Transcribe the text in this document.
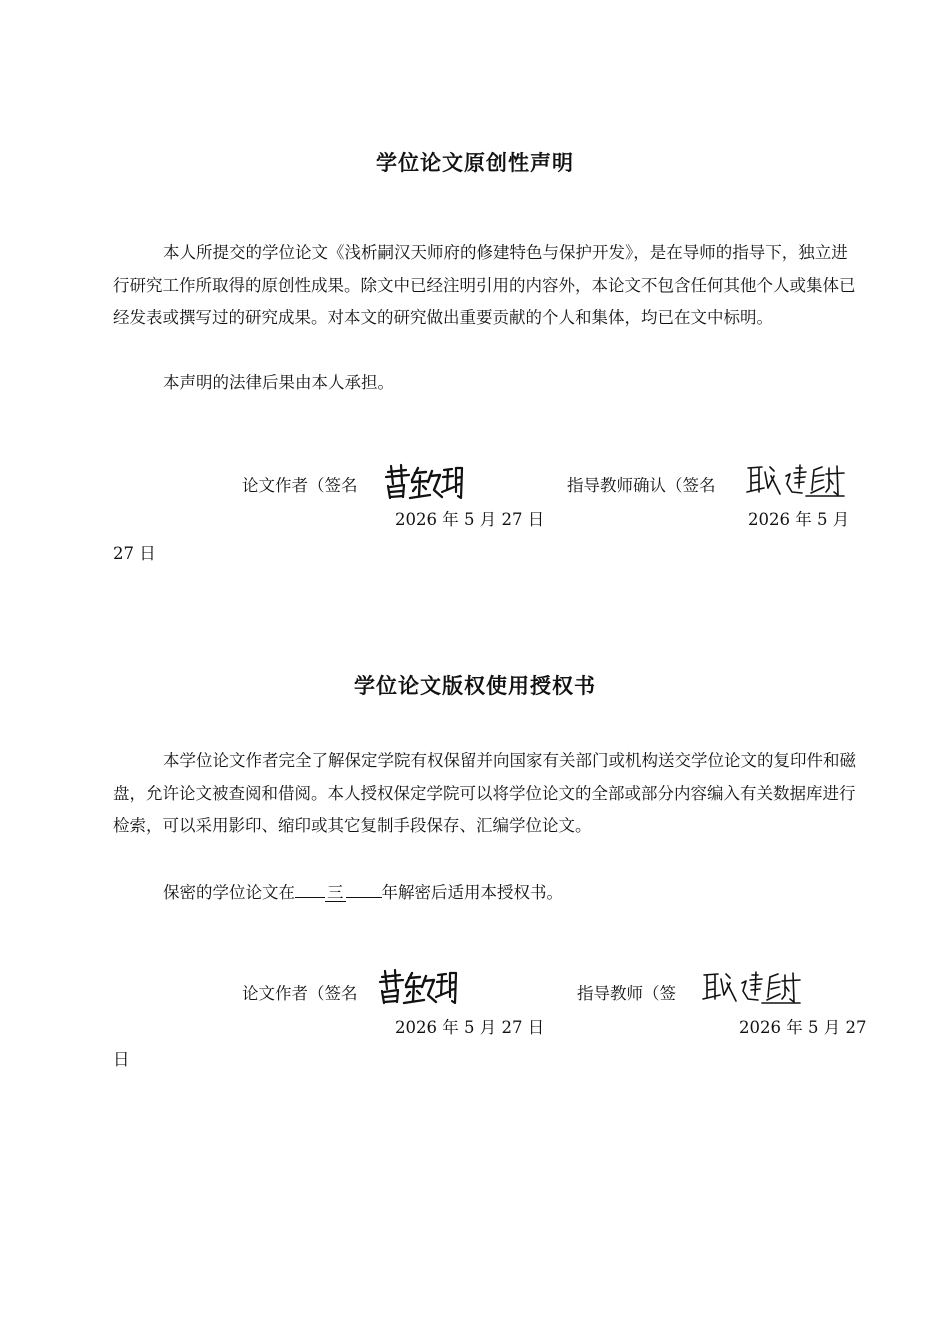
学位论文原创性声明

本人所提交的学位论文《浅析嗣汉天师府的修建特色与保护开发》，是在导师的指导下，独立进行研究工作所取得的原创性成果。除文中已经注明引用的内容外，本论文不包含任何其他个人或集体已经发表或撰写过的研究成果。对本文的研究做出重要贡献的个人和集体，均已在文中标明。

本声明的法律后果由本人承担。

论文作者（签名	指导教师确认（签名
2026 年 5 月 27 日	2026 年 5 月
27 日
学位论文版权使用授权书

本学位论文作者完全了解保定学院有权保留并向国家有关部门或机构送交学位论文的复印件和磁盘，允许论文被查阅和借阅。本人授权保定学院可以将学位论文的全部或部分内容编入有关数据库进行检索，可以采用影印、缩印或其它复制手段保存、汇编学位论文。

保密的学位论文在 三 年解密后适用本授权书。

论文作者（签名	指导教师（签
2026 年 5 月 27 日	2026 年 5 月 27
日
